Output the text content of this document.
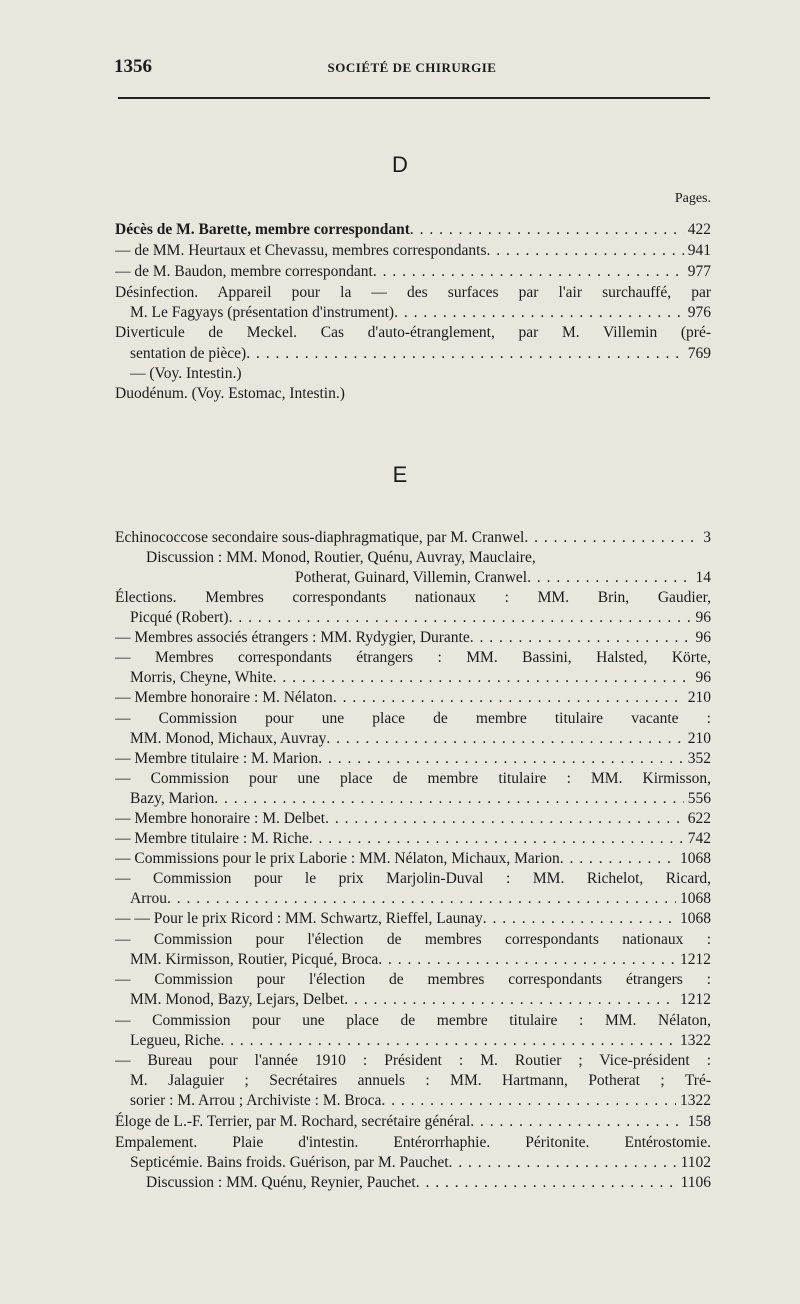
1356	SOCIÉTÉ DE CHIRURGIE
D
Pages.
Décès de M. Barette, membre correspondant	422
. . .
— de MM. Heurtaux et Chevassu, membres correspondants	941
. . .
— de M. Baudon, membre correspondant	977
. . .
Désinfection. Appareil pour la — des surfaces par l'air surchauffé, par
M. Le Fagyays (présentation d'instrument)	976
. . .
Diverticule de Meckel. Cas d'auto-étranglement, par M. Villemin (pré-
sentation de pièce)	769
. . .
— (Voy. Intestin.)
Duodénum. (Voy. Estomac, Intestin.)
E
Echinococcose secondaire sous-diaphragmatique, par M. Cranwel	3
. . .
Discussion : MM. Monod, Routier, Quénu, Auvray, Mauclaire,
Potherat, Guinard, Villemin, Cranwel	14
. . .
Élections. Membres correspondants nationaux : MM. Brin, Gaudier,
Picqué (Robert)	96
. . .
— Membres associés étrangers : MM. Rydygier, Durante	96
. . .
— Membres correspondants étrangers : MM. Bassini, Halsted, Körte,
Morris, Cheyne, White	96
. . .
— Membre honoraire : M. Nélaton	210
. . .
— Commission pour une place de membre titulaire vacante :
MM. Monod, Michaux, Auvray	210
. . .
— Membre titulaire : M. Marion	352
. . .
— Commission pour une place de membre titulaire : MM. Kirmisson,
Bazy, Marion	556
. . .
— Membre honoraire : M. Delbet	622
. . .
— Membre titulaire : M. Riche	742
. . .
— Commissions pour le prix Laborie : MM. Nélaton, Michaux, Marion	1068
. . .
— Commission pour le prix Marjolin-Duval : MM. Richelot, Ricard,
Arrou	1068
. . .
— — Pour le prix Ricord : MM. Schwartz, Rieffel, Launay	1068
. . .
— Commission pour l'élection de membres correspondants nationaux :
MM. Kirmisson, Routier, Picqué, Broca	1212
. . .
— Commission pour l'élection de membres correspondants étrangers :
MM. Monod, Bazy, Lejars, Delbet	1212
. . .
— Commission pour une place de membre titulaire : MM. Nélaton,
Legueu, Riche	1322
. . .
— Bureau pour l'année 1910 : Président : M. Routier ; Vice-président :
M. Jalaguier ; Secrétaires annuels : MM. Hartmann, Potherat ; Tré-
sorier : M. Arrou ; Archiviste : M. Broca	1322
. . .
Éloge de L.-F. Terrier, par M. Rochard, secrétaire général	158
. . .
Empalement. Plaie d'intestin. Entérorrhaphie. Péritonite. Entérostomie.
Septicémie. Bains froids. Guérison, par M. Pauchet	1102
. . .
Discussion : MM. Quénu, Reynier, Pauchet	1106
. . .
